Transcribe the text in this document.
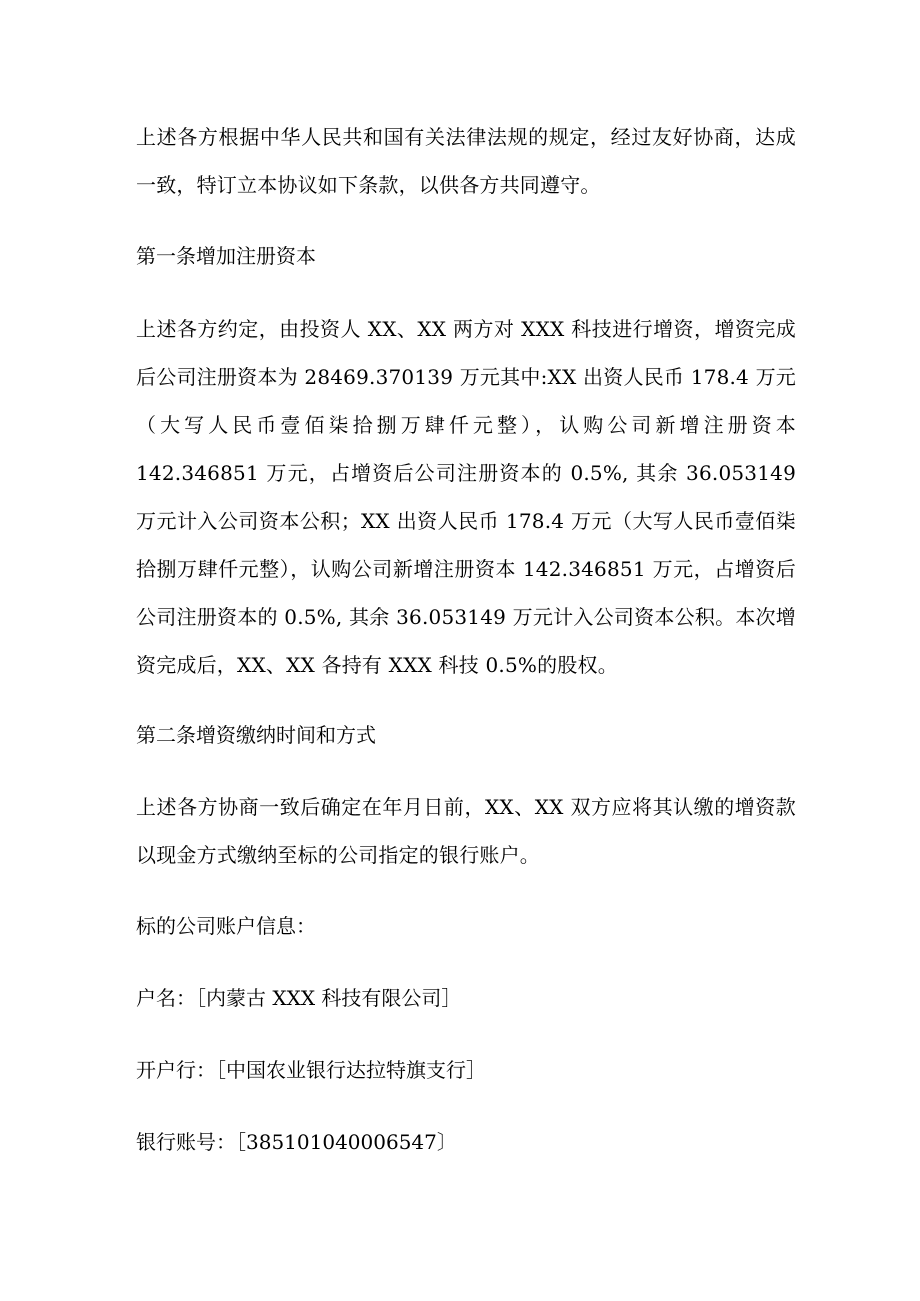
上述各方根据中华人民共和国有关法律法规的规定，经过友好协商，达成一致，特订立本协议如下条款，以供各方共同遵守。

第一条增加注册资本

上述各方约定，由投资人 XX、XX 两方对 XXX 科技进行增资，增资完成后公司注册资本为 28469.370139 万元其中:XX 出资人民币 178.4 万元（大写人民币壹佰柒拾捌万肆仟元整），认购公司新增注册资本 142.346851 万元，占增资后公司注册资本的 0.5%, 其余 36.053149 万元计入公司资本公积；XX 出资人民币 178.4 万元（大写人民币壹佰柒拾捌万肆仟元整），认购公司新增注册资本 142.346851 万元，占增资后公司注册资本的 0.5%, 其余 36.053149 万元计入公司资本公积。本次增资完成后，XX、XX 各持有 XXX 科技 0.5%的股权。

第二条增资缴纳时间和方式

上述各方协商一致后确定在年月日前，XX、XX 双方应将其认缴的增资款以现金方式缴纳至标的公司指定的银行账户。

标的公司账户信息：

户名：［内蒙古 XXX 科技有限公司］

开户行：［中国农业银行达拉特旗支行］

银行账号：［385101040006547〕
